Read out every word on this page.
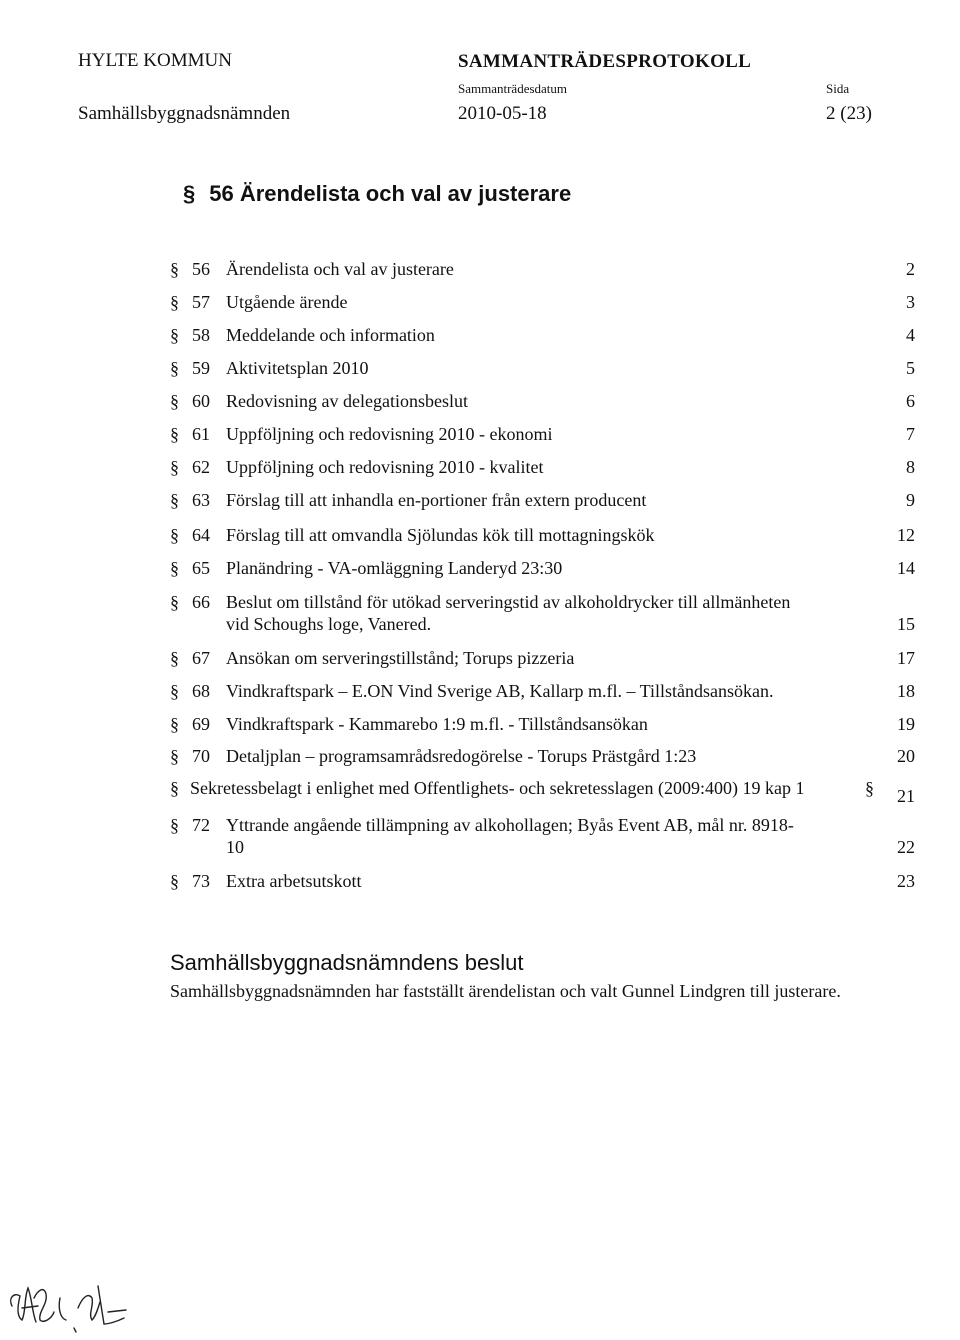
HYLTE KOMMUN	SAMMANTRÄDESPROTOKOLL
Sammanträdesdatum	Sida
Samhällsbyggnadsnämnden	2010-05-18	2 (23)
§ 56 Ärendelista och val av justerare
§ 56 Ärendelista och val av justerare	2
§ 57 Utgående ärende	3
§ 58 Meddelande och information	4
§ 59 Aktivitetsplan 2010	5
§ 60 Redovisning av delegationsbeslut	6
§ 61 Uppföljning och redovisning 2010 - ekonomi	7
§ 62 Uppföljning och redovisning 2010 - kvalitet	8
§ 63 Förslag till att inhandla en-portioner från extern producent	9
§ 64 Förslag till att omvandla Sjölundas kök till mottagningskök	12
§ 65 Planändring - VA-omläggning Landeryd 23:30	14
§ 66 Beslut om tillstånd för utökad serveringstid av alkoholdrycker till allmänheten
vid Schoughs loge, Vanered.	15
§ 67 Ansökan om serveringstillstånd; Torups pizzeria	17
§ 68 Vindkraftspark – E.ON Vind Sverige AB, Kallarp m.fl. – Tillståndsansökan.	18
§ 69 Vindkraftspark - Kammarebo 1:9 m.fl. - Tillståndsansökan	19
§ 70 Detaljplan – programsamrådsredogörelse - Torups Prästgård 1:23	20
§ Sekretessbelagt i enlighet med Offentlighets- och sekretesslagen (2009:400) 19 kap 1	§ 21
§ 72 Yttrande angående tillämpning av alkohollagen; Byås Event AB, mål nr. 8918-
10	22
§ 73 Extra arbetsutskott	23
Samhällsbyggnadsnämndens beslut
Samhällsbyggnadsnämnden har fastställt ärendelistan och valt Gunnel Lindgren till justerare.
